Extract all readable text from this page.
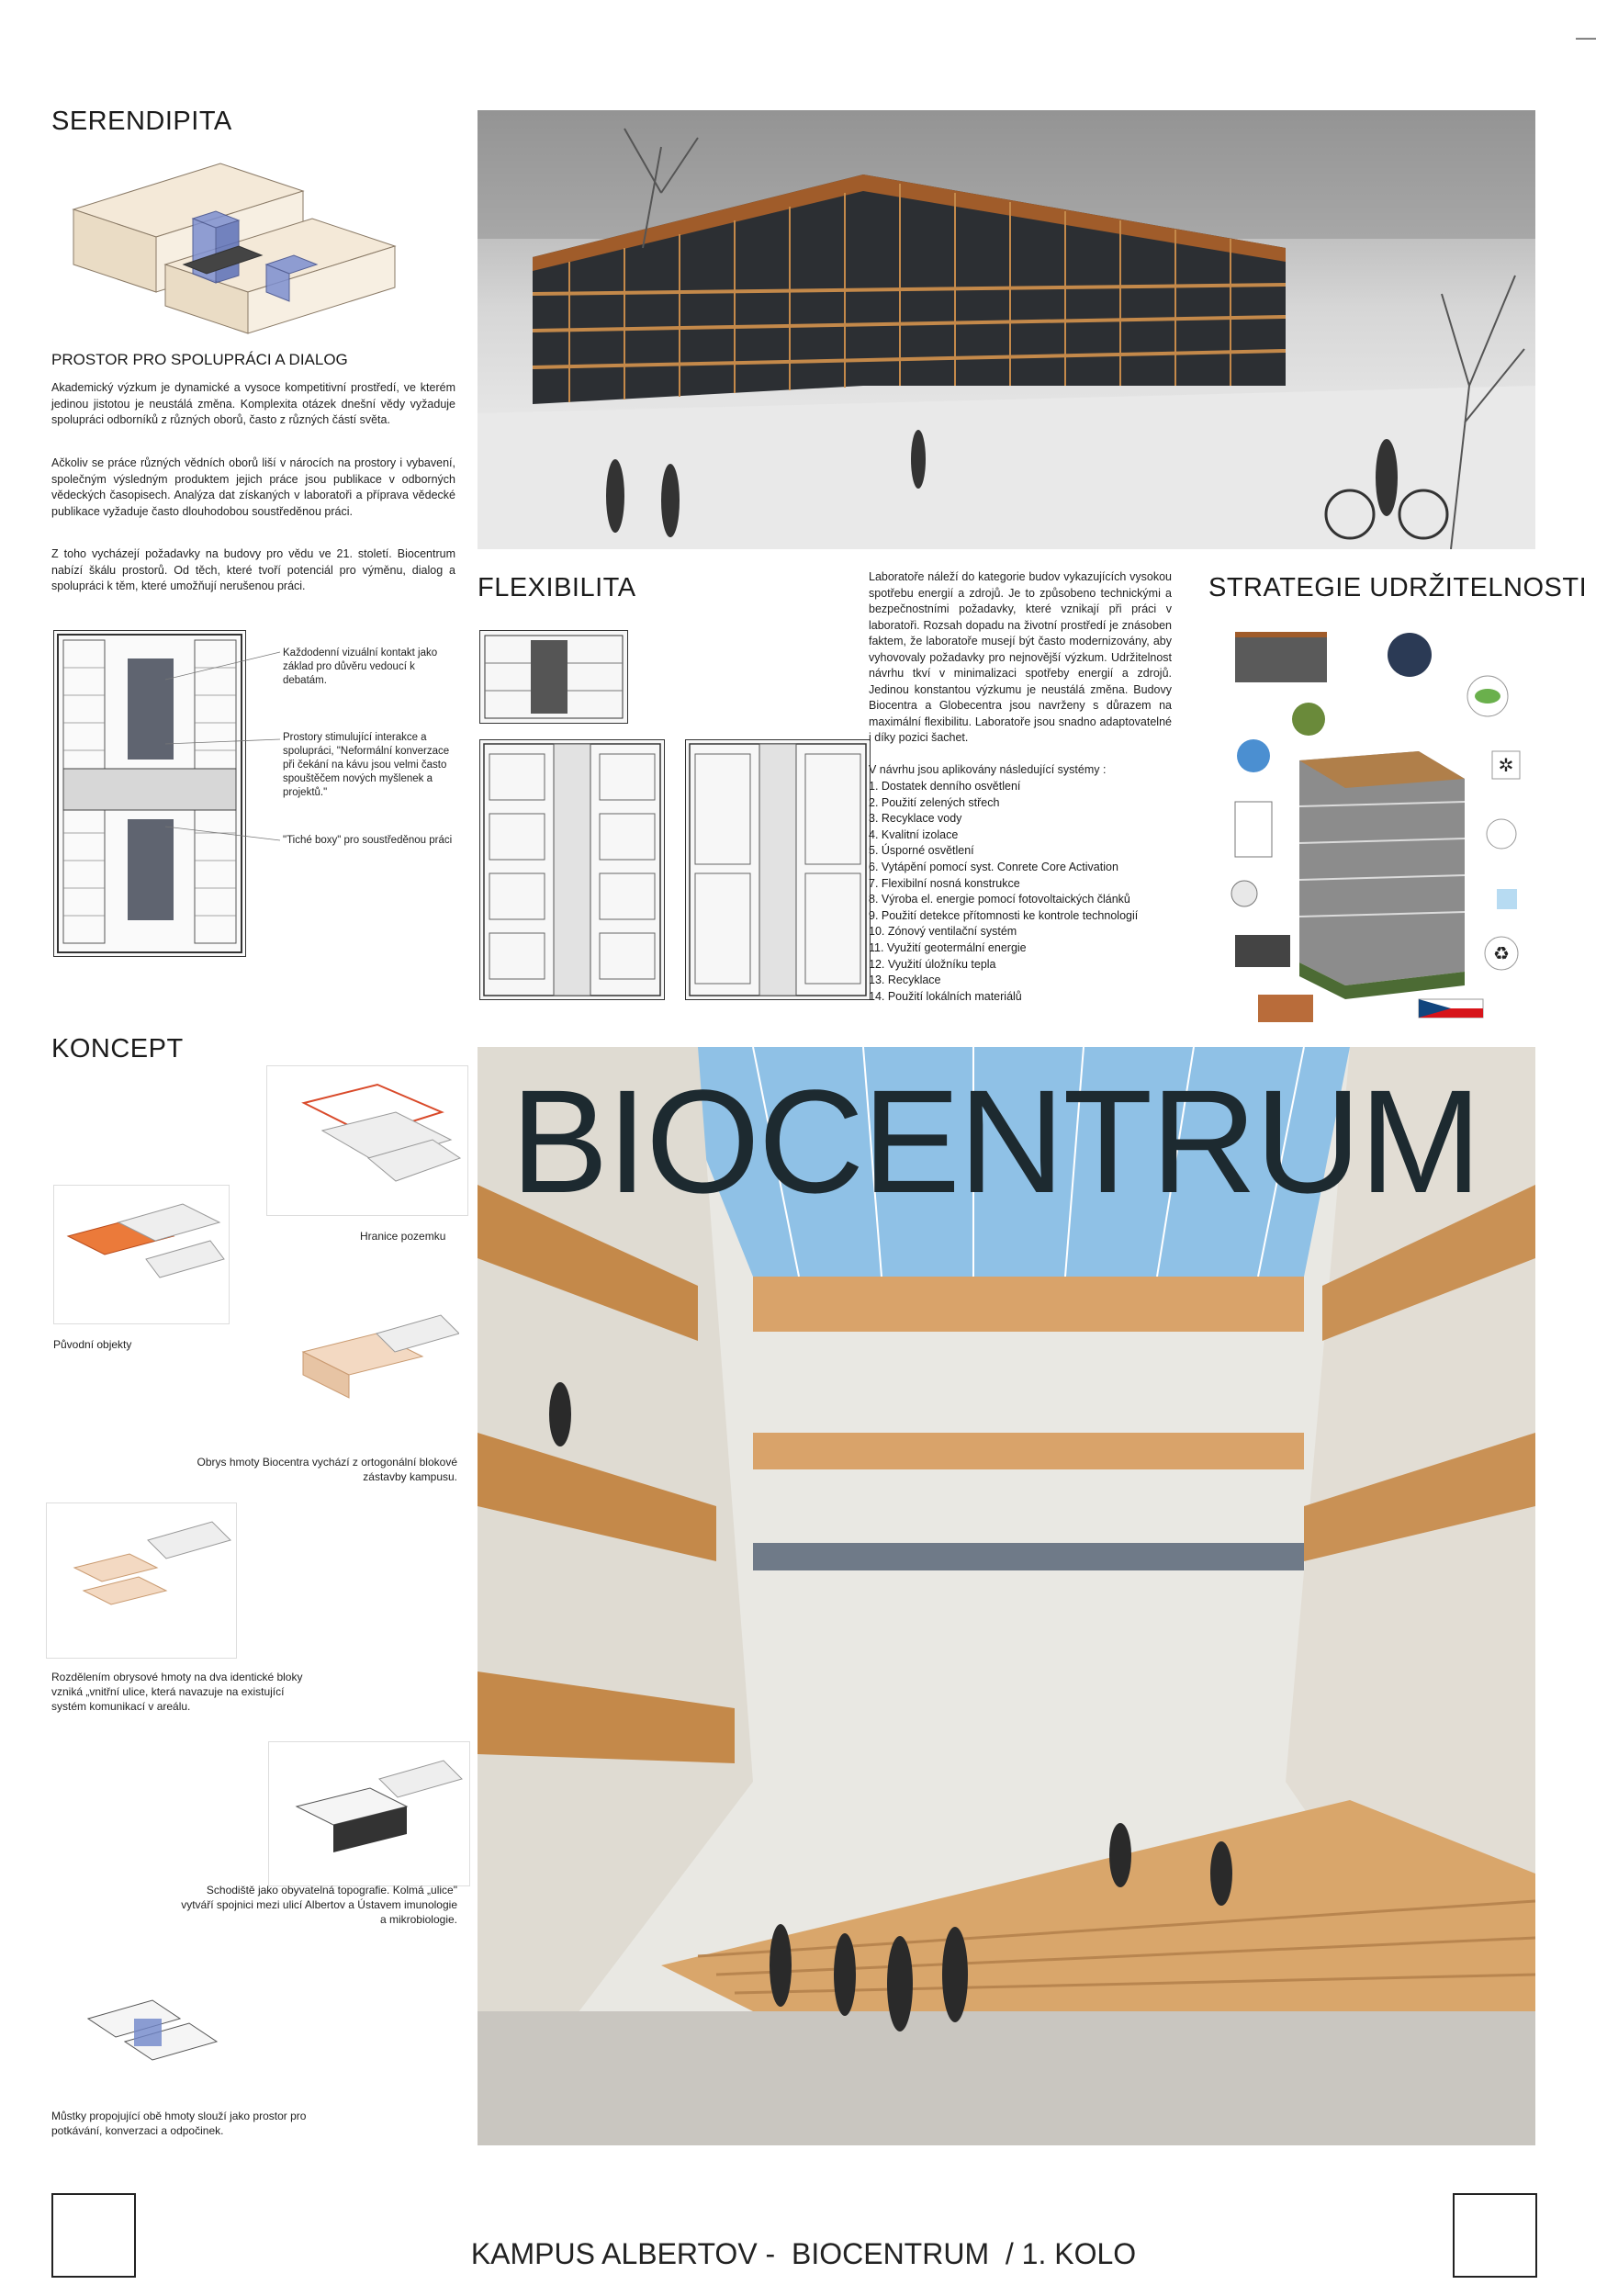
—
SERENDIPITA
PROSTOR PRO SPOLUPRÁCI A DIALOG
Akademický výzkum je dynamické a vysoce kompetitivní prostředí, ve kterém jedinou jistotou je neustálá změna. Komplexita otázek dnešní vědy vyžaduje spolupráci odborníků z různých oborů, často z různých částí světa.
Ačkoliv se práce různých vědních oborů liší v nárocích na prostory i vybavení, společným výsledným produktem jejich práce jsou publikace v odborných vědeckých časopisech. Analýza dat získaných v laboratoři a příprava vědecké publikace vyžaduje často dlouhodobou soustředěnou práci.
Z toho vycházejí požadavky na budovy pro vědu ve 21. století. Biocentrum nabízí škálu prostorů. Od těch, které tvoří potenciál pro výměnu, dialog a spolupráci k těm, které umožňují nerušenou práci.
Každodenní vizuální kontakt jako základ pro důvěru vedoucí k debatám.
Prostory stimulující interakce a spolupráci, "Neformální konverzace při čekání na kávu jsou velmi často spouštěčem nových myšlenek a projektů."
"Tiché boxy" pro soustředěnou práci
FLEXIBILITA	Laboratoře náleží do kategorie budov vykazujících vysokou spotřebu energií a zdrojů. Je to způsobeno technickými a bezpečnostními požadavky, které vznikají při práci v laboratoři. Rozsah dopadu na životní prostředí je znásoben faktem, že laboratoře musejí být často modernizovány, aby vyhovovaly požadavky pro nejnovější výzkum. Udržitelnost návrhu tkví v minimalizaci spotřeby energií a zdrojů. Jedinou konstantou výzkumu je neustálá změna. Budovy Biocentra a Globecentra jsou navrženy s důrazem na maximální flexibilitu. Laboratoře jsou snadno adaptovatelné i díky pozici šachet.
V návrhu jsou aplikovány následující systémy :
1. Dostatek denního osvětlení
2. Použití zelených střech
3. Recyklace vody
4. Kvalitní izolace
5. Úsporné osvětlení
6. Vytápění pomocí syst. Conrete Core Activation
7. Flexibilní nosná konstrukce
8. Výroba el. energie pomocí fotovoltaických článků
9. Použití detekce přítomnosti ke kontrole technologií
10. Zónový ventilační systém
11. Využití geotermální energie
12. Využití úložníku tepla
13. Recyklace
14. Použití lokálních materiálů
STRATEGIE UDRŽITELNOSTI
✲
♻
KONCEPT
Hranice pozemku
Původní objekty
Obrys hmoty Biocentra vychází z ortogonální blokové zástavby kampusu.
Rozdělením obrysové hmoty na dva identické bloky vzniká „vnitřní ulice, která navazuje na existující systém komunikací v areálu.
Schodiště jako obyvatelná topografie. Kolmá „ulice" vytváří spojnici mezi ulicí Albertov a Ústavem imunologie a mikrobiologie.
Můstky propojující obě hmoty slouží jako prostor pro potkávání, konverzaci a odpočinek.
BIOCENTRUM
KAMPUS ALBERTOV -  BIOCENTRUM  / 1. KOLO
